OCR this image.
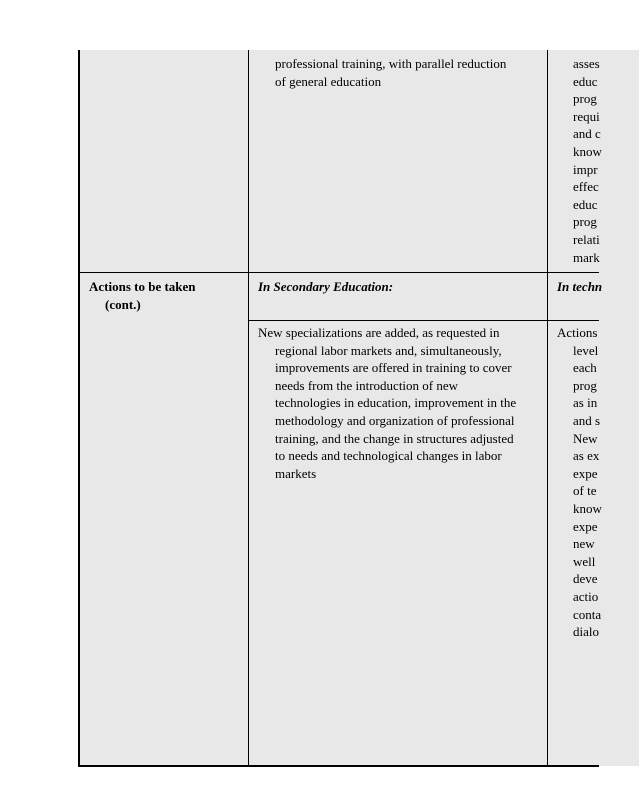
professional training, with parallel reduction
of general education
asses
educ
prog
requi
and c
know
impr
effec
educ
prog
relati
mark
Actions to be taken
(cont.)
In Secondary Education:	In techn
New specializations are added, as requested in
regional labor markets and, simultaneously,
improvements are offered in training to cover
needs from the introduction of new
technologies in education, improvement in the
methodology and organization of professional
training, and the change in structures adjusted
to needs and technological changes in labor
markets
Actions
level
each
prog
as in
and s
New
as ex
expe
of te
know
expe
new
well
deve
actio
conta
dialo
